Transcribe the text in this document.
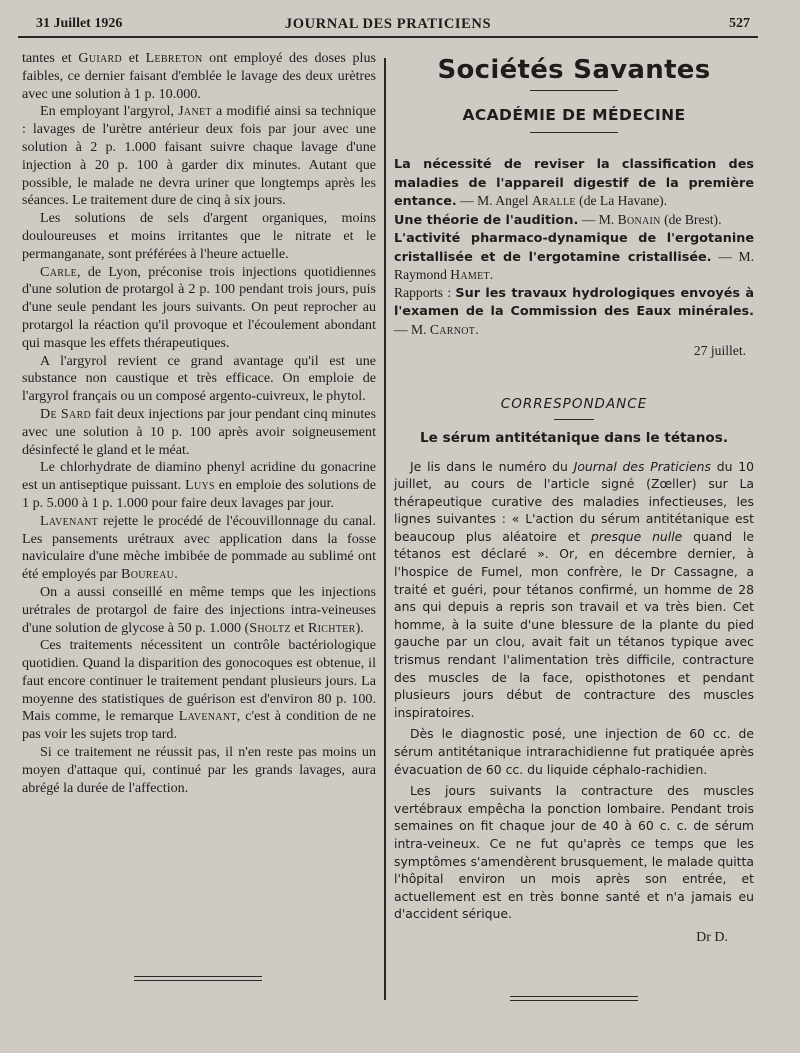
31 Juillet 1926	JOURNAL DES PRATICIENS	527

tantes et Guiard et Lebreton ont employé des doses plus faibles, ce dernier faisant d'emblée le lavage des deux urètres avec une solution à 1 p. 10.000.

En employant l'argyrol, Janet a modifié ainsi sa technique : lavages de l'urètre antérieur deux fois par jour avec une solution à 2 p. 1.000 faisant suivre chaque lavage d'une injection à 20 p. 100 à garder dix minutes. Autant que possible, le malade ne devra uriner que longtemps après les séances. Le traitement dure de cinq à six jours.

Les solutions de sels d'argent organiques, moins douloureuses et moins irritantes que le nitrate et le permanganate, sont préférées à l'heure actuelle.

Carle, de Lyon, préconise trois injections quotidiennes d'une solution de protargol à 2 p. 100 pendant trois jours, puis d'une seule pendant les jours suivants. On peut reprocher au protargol la réaction qu'il provoque et l'écoulement abondant qui masque les effets thérapeutiques.

A l'argyrol revient ce grand avantage qu'il est une substance non caustique et très efficace. On emploie de l'argyrol français ou un composé argento-cuivreux, le phytol.

De Sard fait deux injections par jour pendant cinq minutes avec une solution à 10 p. 100 après avoir soigneusement désinfecté le gland et le méat.

Le chlorhydrate de diamino phenyl acridine du gonacrine est un antiseptique puissant. Luys en emploie des solutions de 1 p. 5.000 à 1 p. 1.000 pour faire deux lavages par jour.

Lavenant rejette le procédé de l'écouvillonnage du canal. Les pansements urétraux avec application dans la fosse naviculaire d'une mèche imbibée de pommade au sublimé ont été employés par Boureau.

On a aussi conseillé en même temps que les injections urétrales de protargol de faire des injections intra-veineuses d'une solution de glycose à 50 p. 1.000 (Sholtz et Richter).

Ces traitements nécessitent un contrôle bactériologique quotidien. Quand la disparition des gonocoques est obtenue, il faut encore continuer le traitement pendant plusieurs jours. La moyenne des statistiques de guérison est d'environ 80 p. 100. Mais comme, le remarque Lavenant, c'est à condition de ne pas voir les sujets trop tard.

Si ce traitement ne réussit pas, il n'en reste pas moins un moyen d'attaque qui, continué par les grands lavages, aura abrégé la durée de l'affection.

Sociétés Savantes
ACADÉMIE DE MÉDECINE

La nécessité de reviser la classification des maladies de l'appareil digestif de la première entance. — M. Angel Aralle (de La Havane).

Une théorie de l'audition. — M. Bonain (de Brest).

L'activité pharmaco-dynamique de l'ergotanine cristallisée et de l'ergotamine cristallisée. — M. Raymond Hamet.

Rapports : Sur les travaux hydrologiques envoyés à l'examen de la Commission des Eaux minérales. — M. Carnot.

27 juillet.
CORRESPONDANCE
Le sérum antitétanique dans le tétanos.

Je lis dans le numéro du Journal des Praticiens du 10 juillet, au cours de l'article signé (Zœller) sur La thérapeutique curative des maladies infectieuses, les lignes suivantes : « L'action du sérum antitétanique est beaucoup plus aléatoire et presque nulle quand le tétanos est déclaré ». Or, en décembre dernier, à l'hospice de Fumel, mon confrère, le Dr Cassagne, a traité et guéri, pour tétanos confirmé, un homme de 28 ans qui depuis a repris son travail et va très bien. Cet homme, à la suite d'une blessure de la plante du pied gauche par un clou, avait fait un tétanos typique avec trismus rendant l'alimentation très difficile, contracture des muscles de la face, opisthotones et pendant plusieurs jours début de contracture des muscles inspiratoires.

Dès le diagnostic posé, une injection de 60 cc. de sérum antitétanique intrarachidienne fut pratiquée après évacuation de 60 cc. du liquide céphalo-rachidien.

Les jours suivants la contracture des muscles vertébraux empêcha la ponction lombaire. Pendant trois semaines on fit chaque jour de 40 à 60 c. c. de sérum intra-veineux. Ce ne fut qu'après ce temps que les symptômes s'amendèrent brusquement, le malade quitta l'hôpital environ un mois après son entrée, et actuellement est en très bonne santé et n'a jamais eu d'accident sérique.

Dr D.
